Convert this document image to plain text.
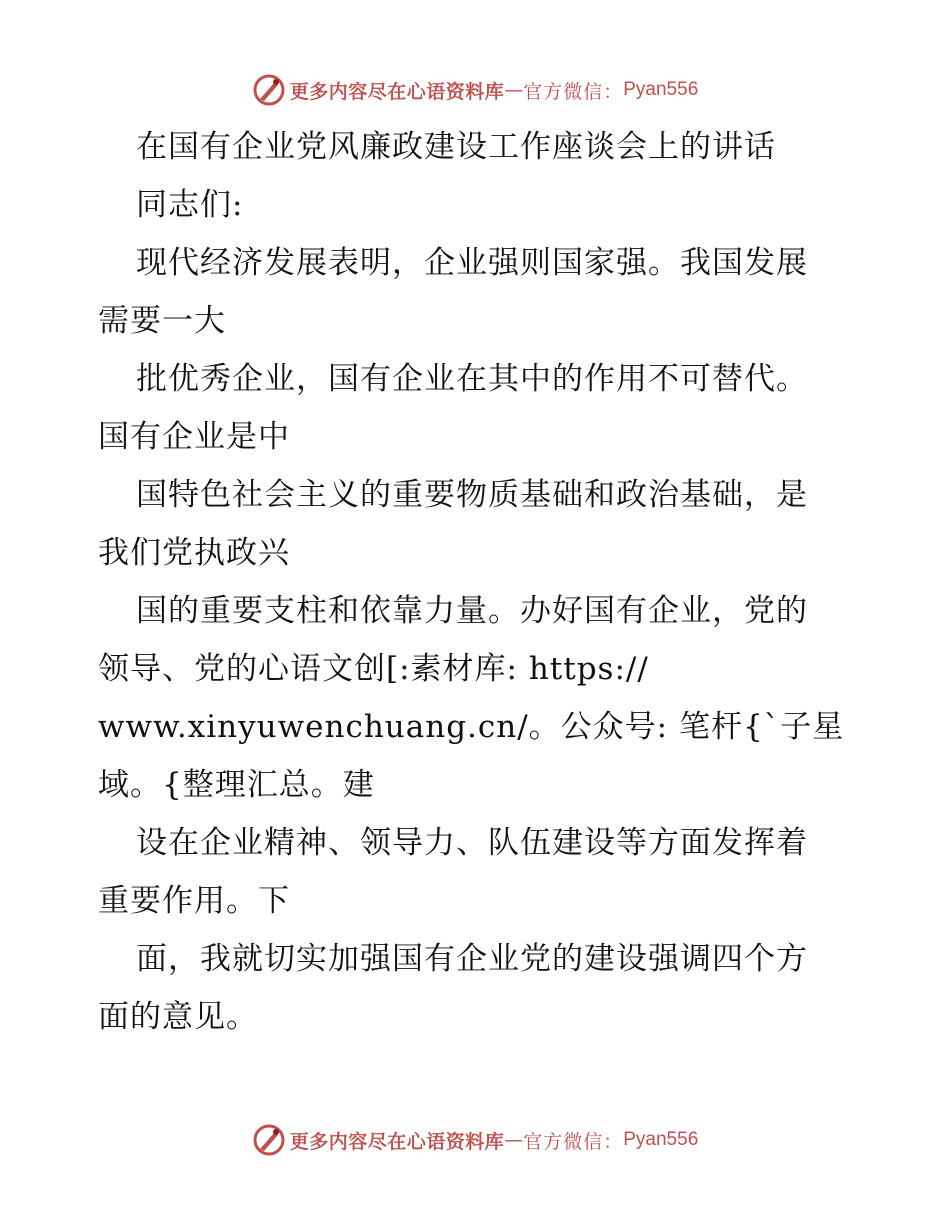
更多内容尽在心语资料库 — 官方微信： Pyan556

在国有企业党风廉政建设工作座谈会上的讲话

同志们:

现代经济发展表明，企业强则国家强。我国发展

需要一大

批优秀企业，国有企业在其中的作用不可替代。

国有企业是中

国特色社会主义的重要物质基础和政治基础，是

我们党执政兴

国的重要支柱和依靠力量。办好国有企业，党的

领导、党的心语文创[:素材库: https://

www.xinyuwenchuang.cn/。公众号: 笔杆{`子星

域。{整理汇总。建

设在企业精神、领导力、队伍建设等方面发挥着

重要作用。下

面，我就切实加强国有企业党的建设强调四个方

面的意见。

更多内容尽在心语资料库 — 官方微信： Pyan556
